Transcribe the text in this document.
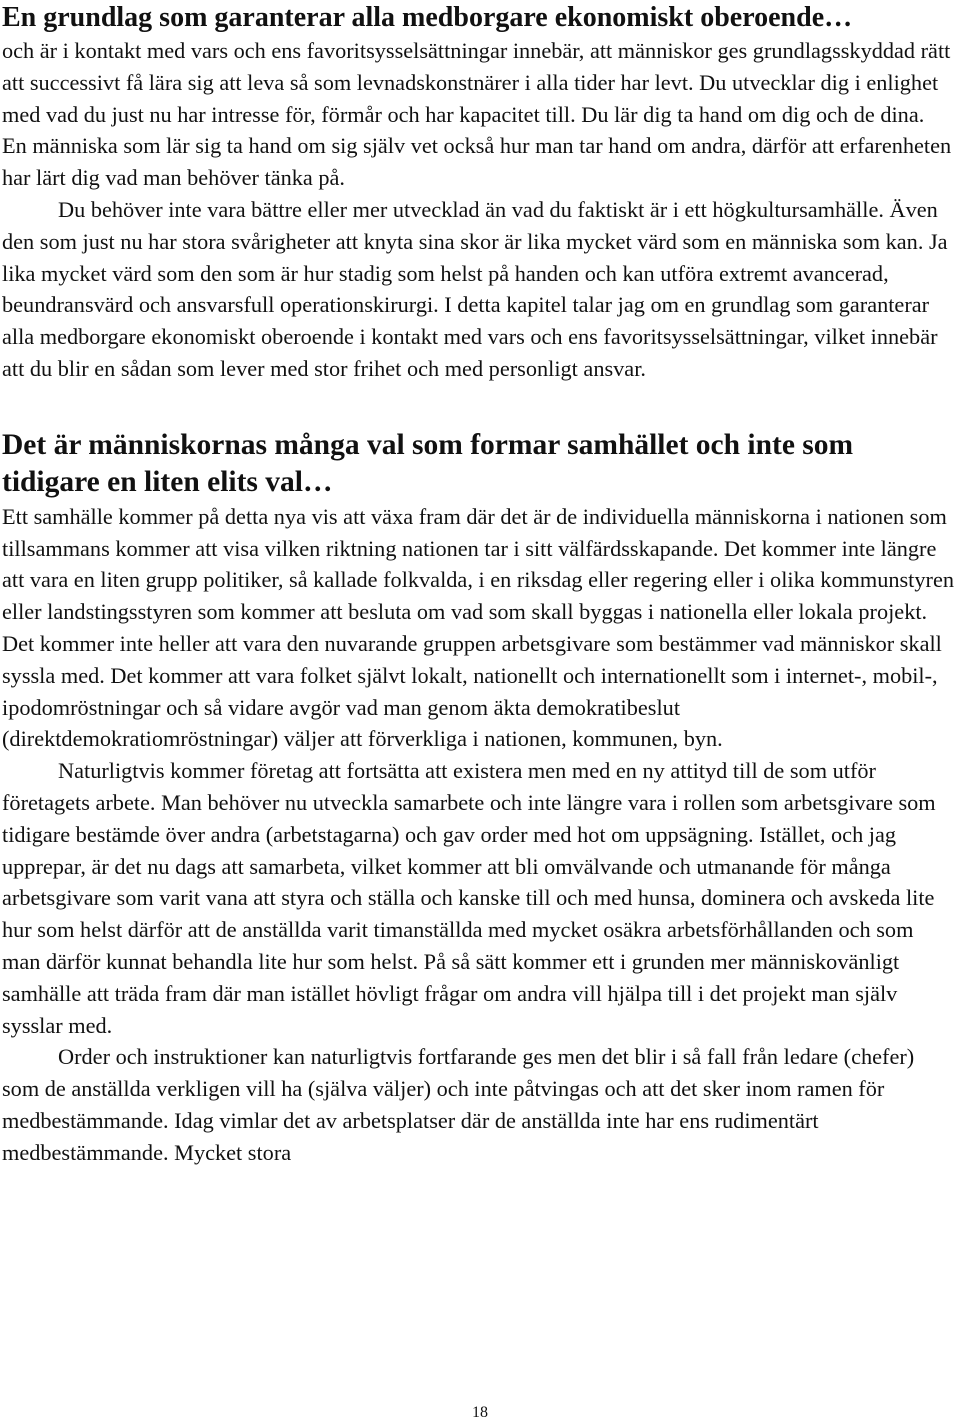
En grundlag som garanterar alla medborgare ekonomiskt oberoende…

och är i kontakt med vars och ens favoritsysselsättningar innebär, att människor ges grundlagsskyddad rätt att successivt få lära sig att leva så som levnadskonstnärer i alla tider har levt. Du utvecklar dig i enlighet med vad du just nu har intresse för, förmår och har kapacitet till. Du lär dig ta hand om dig och de dina. En människa som lär sig ta hand om sig själv vet också hur man tar hand om andra, därför att erfarenheten har lärt dig vad man behöver tänka på.

Du behöver inte vara bättre eller mer utvecklad än vad du faktiskt är i ett högkultursamhälle. Även den som just nu har stora svårigheter att knyta sina skor är lika mycket värd som en människa som kan. Ja lika mycket värd som den som är hur stadig som helst på handen och kan utföra extremt avancerad, beundransvärd och ansvarsfull operationskirurgi. I detta kapitel talar jag om en grundlag som garanterar alla medborgare ekonomiskt oberoende i kontakt med vars och ens favoritsysselsättningar, vilket innebär att du blir en sådan som lever med stor frihet och med personligt ansvar.

Det är människornas många val som formar samhället och inte som tidigare en liten elits val…

Ett samhälle kommer på detta nya vis att växa fram där det är de individuella människorna i nationen som tillsammans kommer att visa vilken riktning nationen tar i sitt välfärdsskapande. Det kommer inte längre att vara en liten grupp politiker, så kallade folkvalda, i en riksdag eller regering eller i olika kommunstyren eller landstingsstyren som kommer att besluta om vad som skall byggas i nationella eller lokala projekt. Det kommer inte heller att vara den nuvarande gruppen arbetsgivare som bestämmer vad människor skall syssla med. Det kommer att vara folket självt lokalt, nationellt och internationellt som i internet-, mobil-, ipodomröstningar och så vidare avgör vad man genom äkta demokratibeslut (direktdemokratiomröstningar) väljer att förverkliga i nationen, kommunen, byn.

Naturligtvis kommer företag att fortsätta att existera men med en ny attityd till de som utför företagets arbete. Man behöver nu utveckla samarbete och inte längre vara i rollen som arbetsgivare som tidigare bestämde över andra (arbetstagarna) och gav order med hot om uppsägning. Istället, och jag upprepar, är det nu dags att samarbeta, vilket kommer att bli omvälvande och utmanande för många arbetsgivare som varit vana att styra och ställa och kanske till och med hunsa, dominera och avskeda lite hur som helst därför att de anställda varit timanställda med mycket osäkra arbetsförhållanden och som man därför kunnat behandla lite hur som helst. På så sätt kommer ett i grunden mer människovänligt samhälle att träda fram där man istället hövligt frågar om andra vill hjälpa till i det projekt man själv sysslar med.

Order och instruktioner kan naturligtvis fortfarande ges men det blir i så fall från ledare (chefer) som de anställda verkligen vill ha (själva väljer) och inte påtvingas och att det sker inom ramen för medbestämmande. Idag vimlar det av arbetsplatser där de anställda inte har ens rudimentärt medbestämmande. Mycket stora

18
